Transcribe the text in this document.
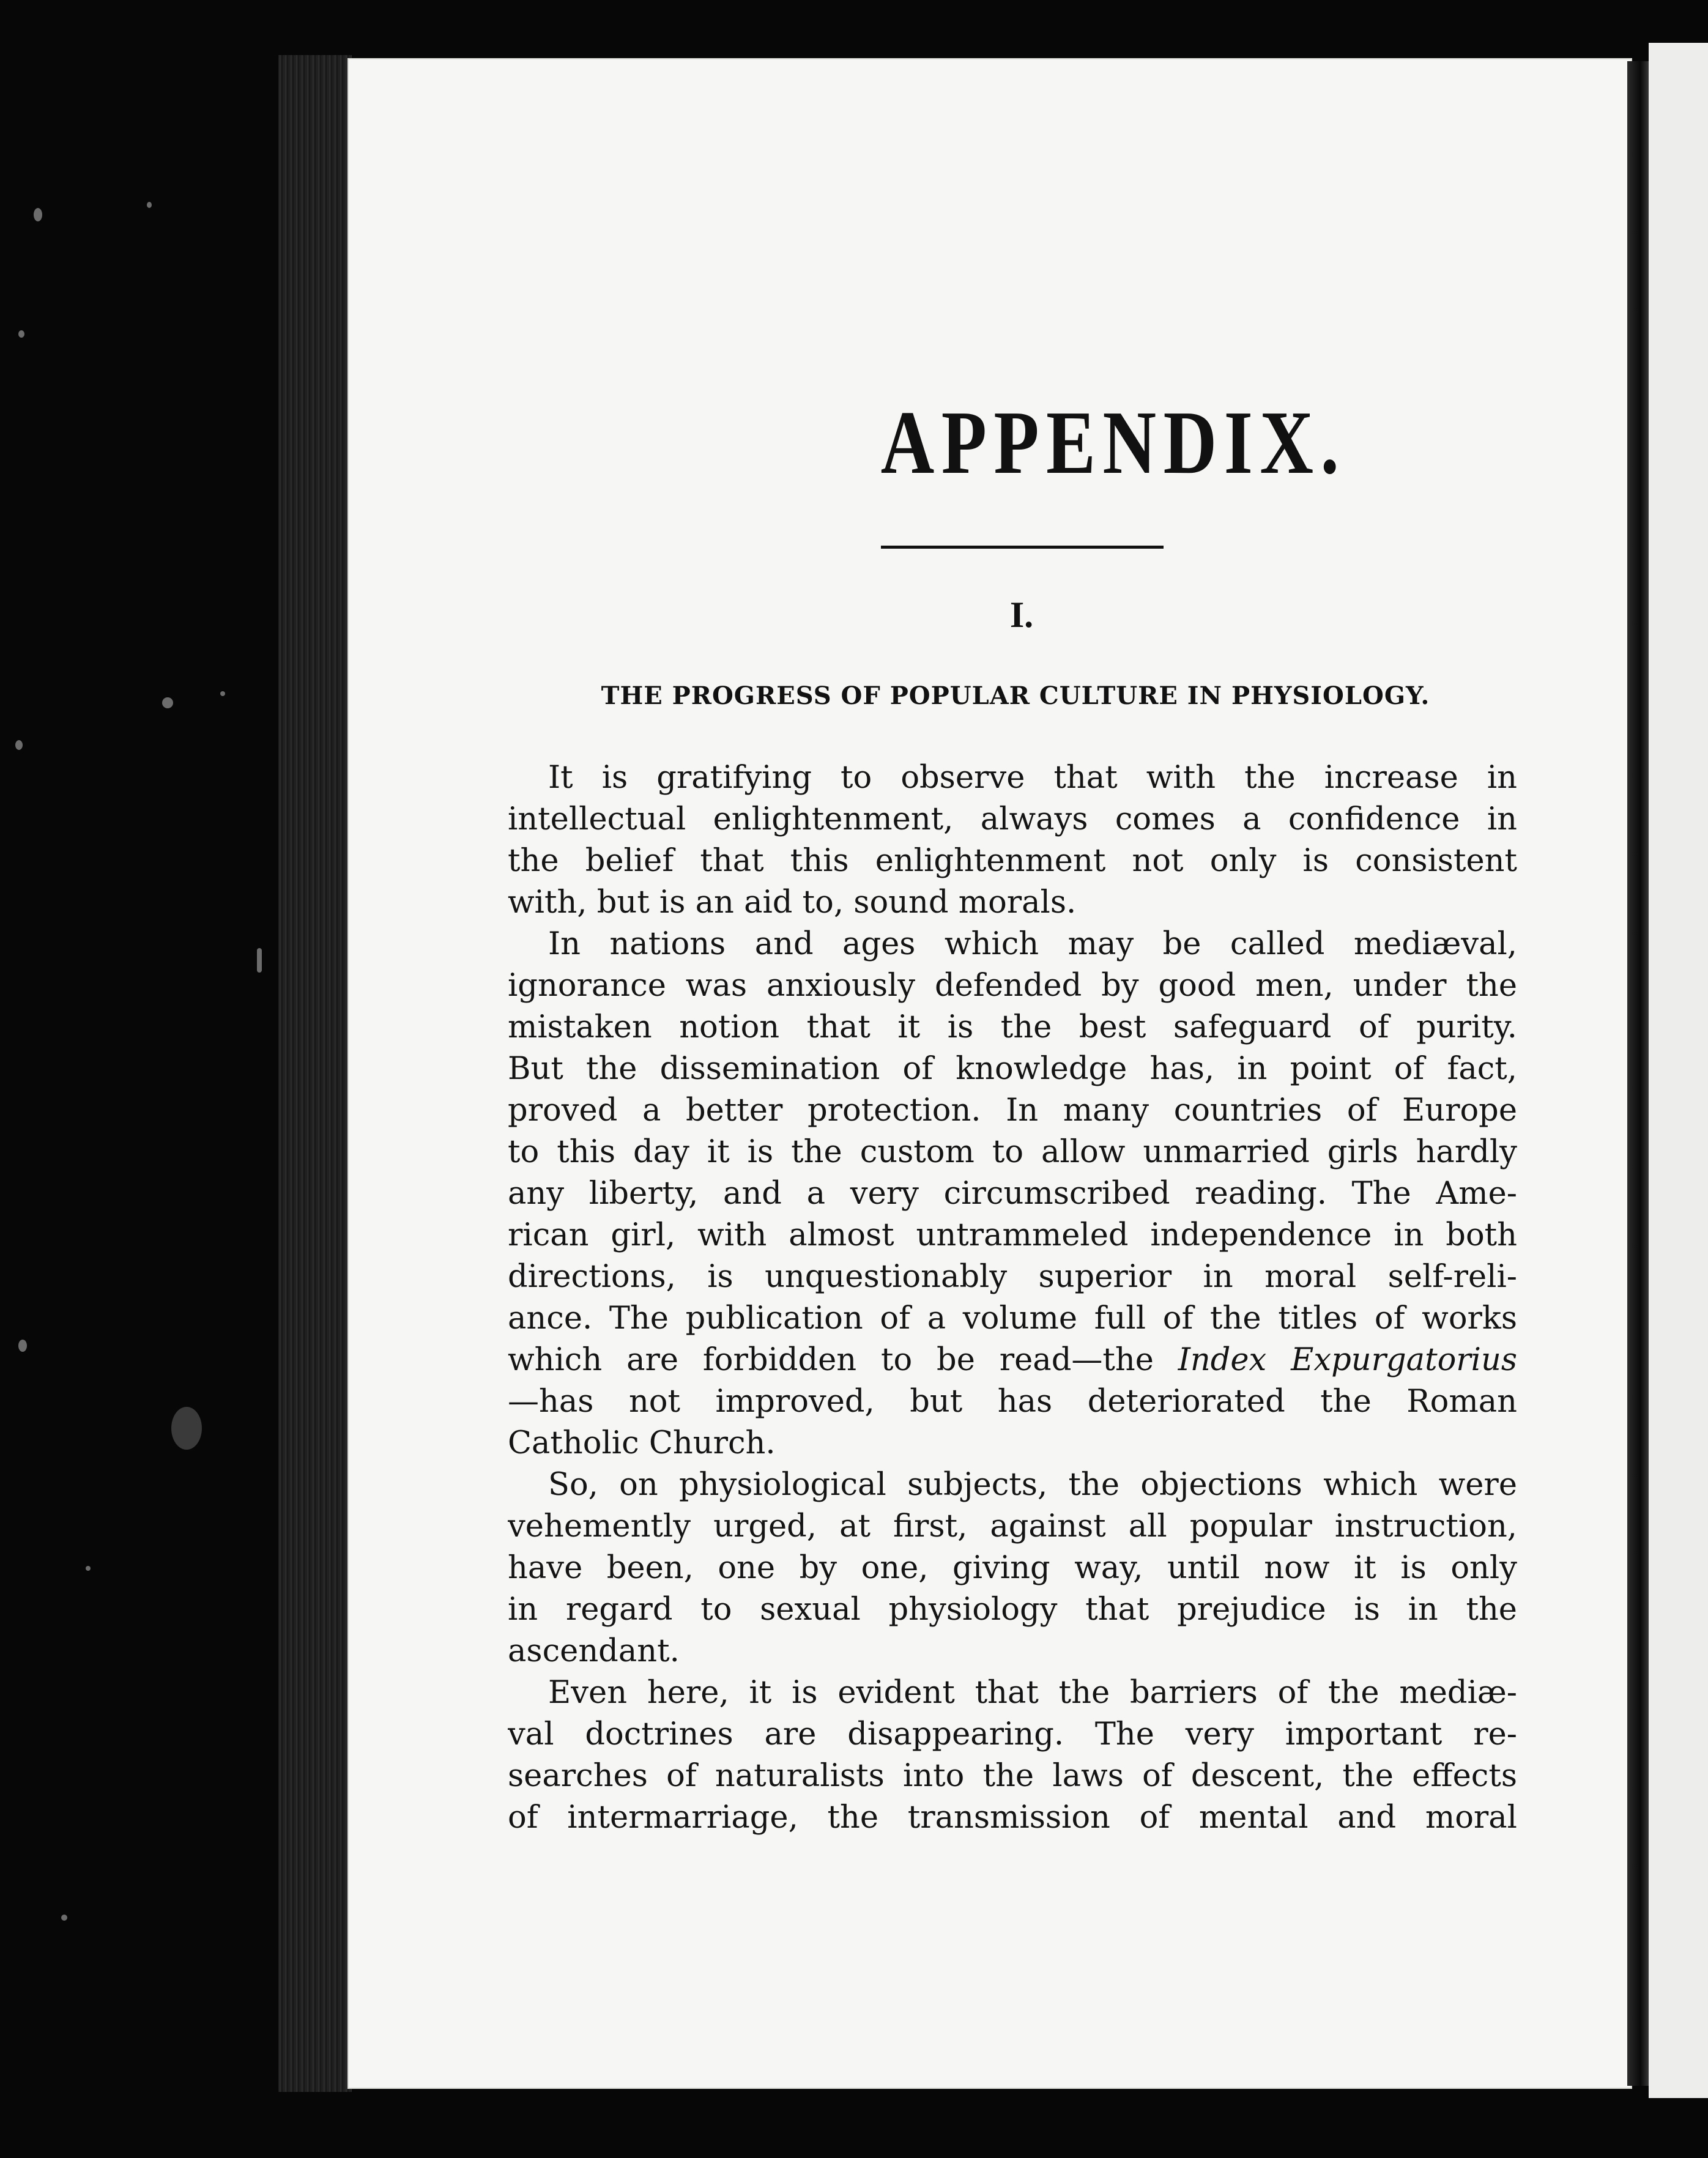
APPENDIX.
I.
THE PROGRESS OF POPULAR CULTURE IN PHYSIOLOGY.
It is gratifying to observe that with the increase in
intellectual enlightenment, always comes a confidence in
the belief that this enlightenment not only is consistent
with, but is an aid to, sound morals.
In nations and ages which may be called mediæval,
ignorance was anxiously defended by good men, under the
mistaken notion that it is the best safeguard of purity.
But the dissemination of knowledge has, in point of fact,
proved a better protection. In many countries of Europe
to this day it is the custom to allow unmarried girls hardly
any liberty, and a very circumscribed reading. The Ame-
rican girl, with almost untrammeled independence in both
directions, is unquestionably superior in moral self-reli-
ance. The publication of a volume full of the titles of works
which are forbidden to be read—the Index Expurgatorius
—has not improved, but has deteriorated the Roman
Catholic Church.
So, on physiological subjects, the objections which were
vehemently urged, at first, against all popular instruction,
have been, one by one, giving way, until now it is only
in regard to sexual physiology that prejudice is in the
ascendant.
Even here, it is evident that the barriers of the mediæ-
val doctrines are disappearing. The very important re-
searches of naturalists into the laws of descent, the effects
of intermarriage, the transmission of mental and moral
